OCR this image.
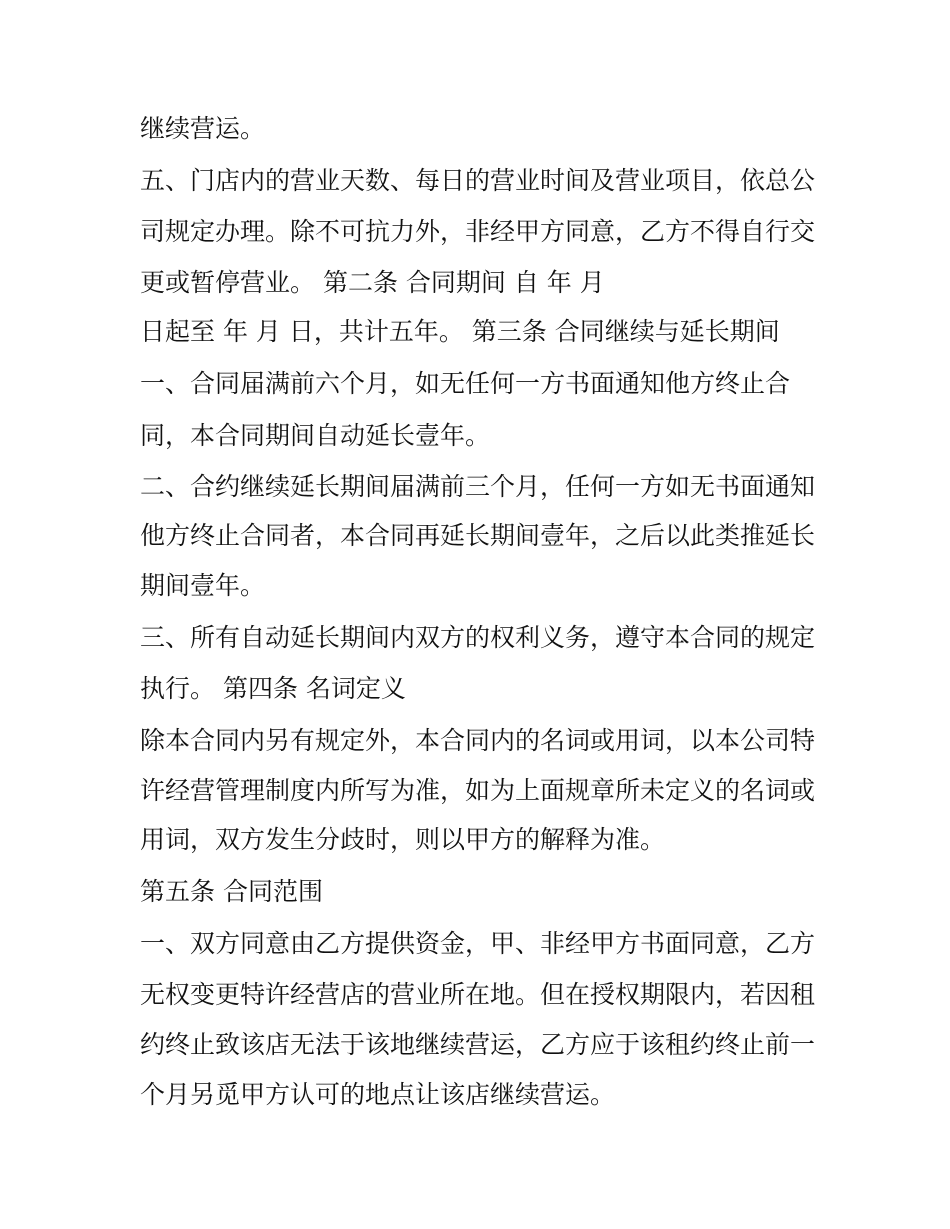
继续营运。
五、门店内的营业天数、每日的营业时间及营业项目，依总公
司规定办理。除不可抗力外，非经甲方同意，乙方不得自行交
更或暂停营业。 第二条 合同期间 自 年 月
日起至 年 月 日，共计五年。 第三条 合同继续与延长期间
一、合同届满前六个月，如无任何一方书面通知他方终止合
同，本合同期间自动延长壹年。
二、合约继续延长期间届满前三个月，任何一方如无书面通知
他方终止合同者，本合同再延长期间壹年，之后以此类推延长
期间壹年。
三、所有自动延长期间内双方的权利义务，遵守本合同的规定
执行。 第四条 名词定义
除本合同内另有规定外，本合同内的名词或用词，以本公司特
许经营管理制度内所写为准，如为上面规章所未定义的名词或
用词，双方发生分歧时，则以甲方的解释为准。
第五条 合同范围
一、双方同意由乙方提供资金，甲、非经甲方书面同意，乙方
无权变更特许经营店的营业所在地。但在授权期限内，若因租
约终止致该店无法于该地继续营运，乙方应于该租约终止前一
个月另觅甲方认可的地点让该店继续营运。
